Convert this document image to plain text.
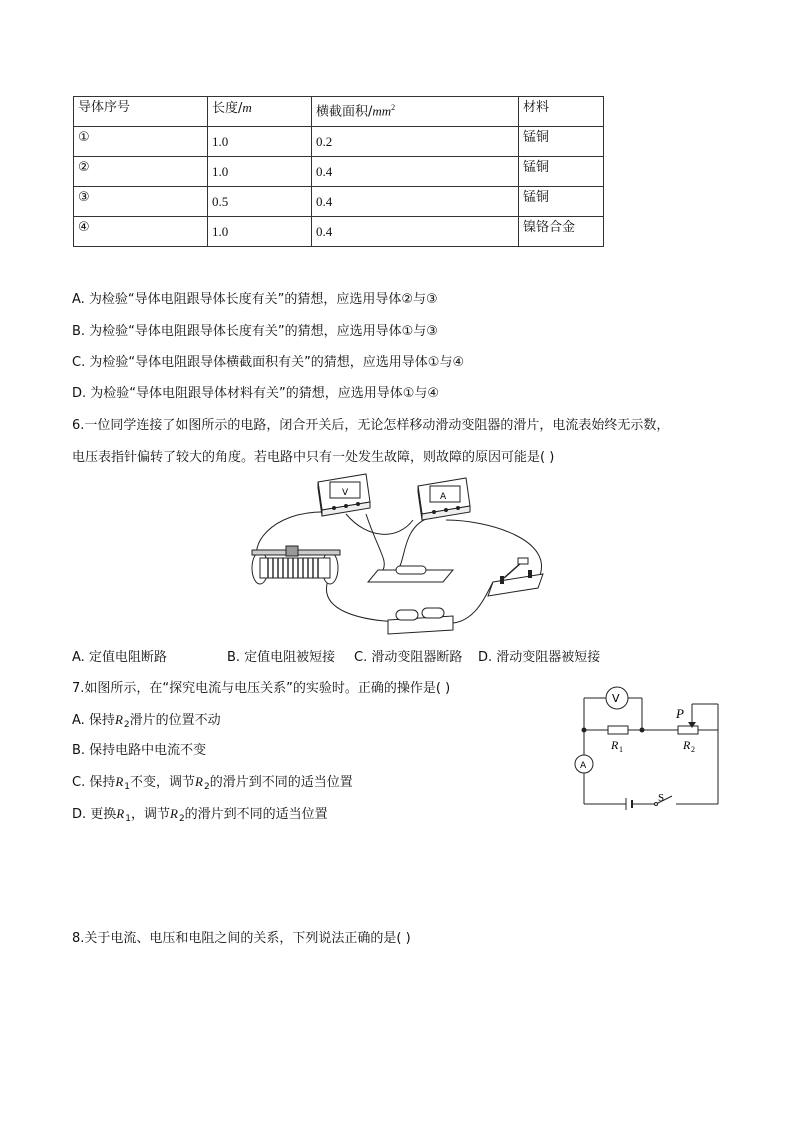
导体序号	长度/m	横截面积$/mm^2$	材料
①	1.0	0.2	锰铜
②	1.0	0.4	锰铜
③	0.5	0.4	锰铜
④	1.0	0.4	镍铬合金
A. 为检验“导体电阻跟导体长度有关”的猜想，应选用导体②与③
B. 为检验“导体电阻跟导体长度有关”的猜想，应选用导体①与③
C. 为检验“导体电阻跟导体横截面积有关”的猜想，应选用导体①与④
D. 为检验“导体电阻跟导体材料有关”的猜想，应选用导体①与④
6.一位同学连接了如图所示的电路，闭合开关后，无论怎样移动滑动变阻器的滑片，电流表始终无示数，
电压表指针偏转了较大的角度。若电路中只有一处发生故障，则故障的原因可能是( )
V	A
A. 定值电阻断路	B. 定值电阻被短接 C. 滑动变阻器断路 D. 滑动变阻器被短接
7.如图所示，在“探究电流与电压关系”的实验时。正确的操作是( )
A. 保持$R_2$滑片的位置不动
B. 保持电路中电流不变
C. 保持$R_1$不变，调节$R_2$的滑片到不同的适当位置
D. 更换$R_1$，调节$R_2$的滑片到不同的适当位置
V
A
P
R 1	R 2
S
8.关于电流、电压和电阻之间的关系，下列说法正确的是( )
